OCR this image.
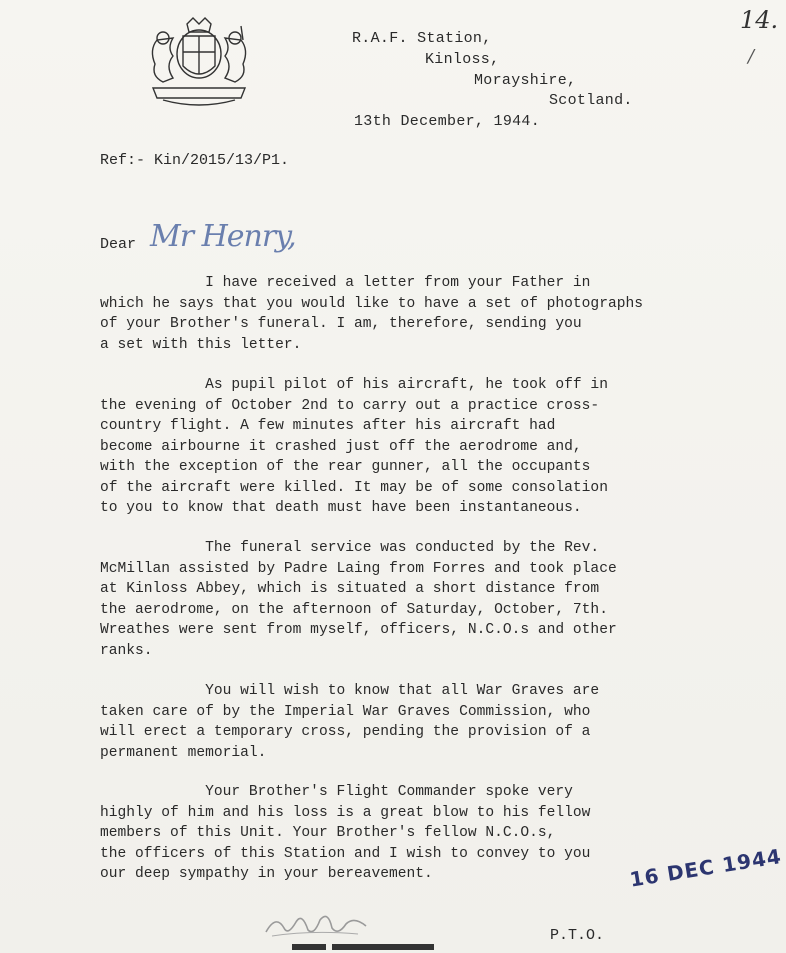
14.
/
R.A.F. Station,
Kinloss,
Morayshire,
Scotland.
13th December, 1944.
Ref:- Kin/2015/13/P1.
Dear Mr Henry,
I have received a letter from your Father in
which he says that you would like to have a set of photographs
of your Brother's funeral. I am, therefore, sending you
a set with this letter.
As pupil pilot of his aircraft, he took off in
the evening of October 2nd to carry out a practice cross-
country flight. A few minutes after his aircraft had
become airbourne it crashed just off the aerodrome and,
with the exception of the rear gunner, all the occupants
of the aircraft were killed. It may be of some consolation
to you to know that death must have been instantaneous.
The funeral service was conducted by the Rev.
McMillan assisted by Padre Laing from Forres and took place
at Kinloss Abbey, which is situated a short distance from
the aerodrome, on the afternoon of Saturday, October, 7th.
Wreathes were sent from myself, officers, N.C.O.s and other
ranks.
You will wish to know that all War Graves are
taken care of by the Imperial War Graves Commission, who
will erect a temporary cross, pending the provision of a
permanent memorial.
Your Brother's Flight Commander spoke very
highly of him and his loss is a great blow to his fellow
members of this Unit. Your Brother's fellow N.C.O.s,
the officers of this Station and I wish to convey to you
our deep sympathy in your bereavement.	16 DEC 1944
P.T.O.
